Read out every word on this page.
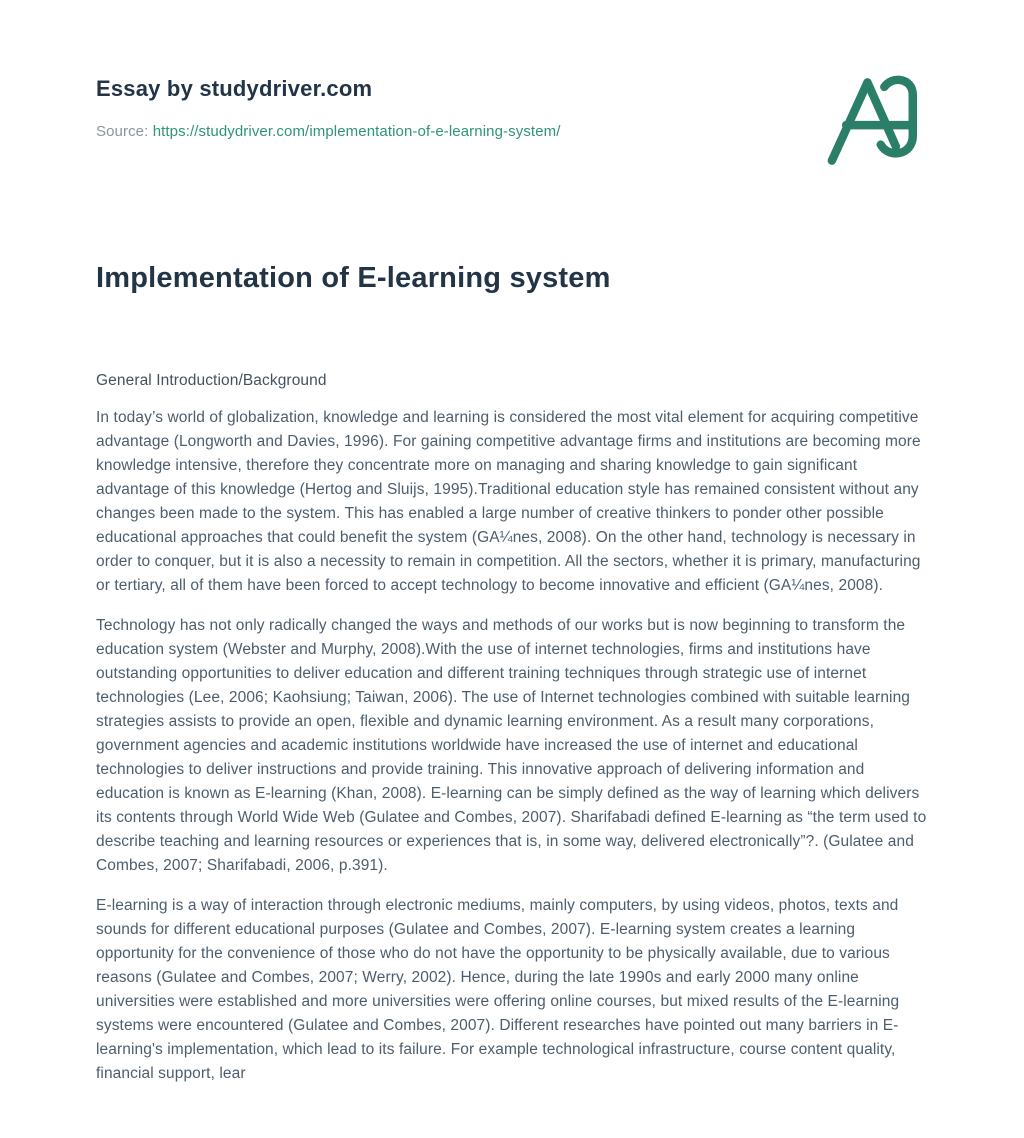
Essay by studydriver.com
Source: https://studydriver.com/implementation-of-e-learning-system/
Implementation of E-learning system
General Introduction/Background

In today’s world of globalization, knowledge and learning is considered the most vital element for acquiring competitive advantage (Longworth and Davies, 1996). For gaining competitive advantage firms and institutions are becoming more knowledge intensive, therefore they concentrate more on managing and sharing knowledge to gain significant advantage of this knowledge (Hertog and Sluijs, 1995).Traditional education style has remained consistent without any changes been made to the system. This has enabled a large number of creative thinkers to ponder other possible educational approaches that could benefit the system (GA¼nes, 2008). On the other hand, technology is necessary in order to conquer, but it is also a necessity to remain in competition. All the sectors, whether it is primary, manufacturing or tertiary, all of them have been forced to accept technology to become innovative and efficient (GA¼nes, 2008).

Technology has not only radically changed the ways and methods of our works but is now beginning to transform the education system (Webster and Murphy, 2008).With the use of internet technologies, firms and institutions have outstanding opportunities to deliver education and different training techniques through strategic use of internet technologies (Lee, 2006; Kaohsiung; Taiwan, 2006). The use of Internet technologies combined with suitable learning strategies assists to provide an open, flexible and dynamic learning environment. As a result many corporations, government agencies and academic institutions worldwide have increased the use of internet and educational technologies to deliver instructions and provide training. This innovative approach of delivering information and education is known as E-learning (Khan, 2008). E-learning can be simply defined as the way of learning which delivers its contents through World Wide Web (Gulatee and Combes, 2007). Sharifabadi defined E-learning as “the term used to describe teaching and learning resources or experiences that is, in some way, delivered electronically”?. (Gulatee and Combes, 2007; Sharifabadi, 2006, p.391).

E-learning is a way of interaction through electronic mediums, mainly computers, by using videos, photos, texts and sounds for different educational purposes (Gulatee and Combes, 2007). E-learning system creates a learning opportunity for the convenience of those who do not have the opportunity to be physically available, due to various reasons (Gulatee and Combes, 2007; Werry, 2002). Hence, during the late 1990s and early 2000 many online universities were established and more universities were offering online courses, but mixed results of the E-learning systems were encountered (Gulatee and Combes, 2007). Different researches have pointed out many barriers in E-learning's implementation, which lead to its failure. For example technological infrastructure, course content quality, financial support, lear
